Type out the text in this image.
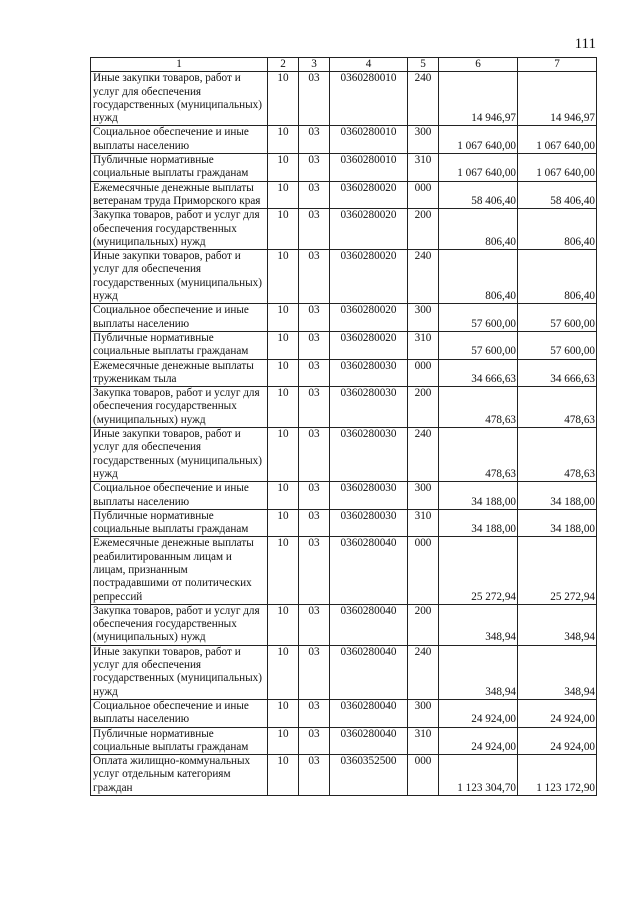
111
1	2	3	4	5	6	7
Иные закупки товаров, работ и услуг для обеспечения государственных (муниципальных) нужд	10	03	0360280010	240	14 946,97	14 946,97
Социальное обеспечение и иные выплаты населению	10	03	0360280010	300	1 067 640,00	1 067 640,00
Публичные нормативные социальные выплаты гражданам	10	03	0360280010	310	1 067 640,00	1 067 640,00
Ежемесячные денежные выплаты ветеранам труда Приморского края	10	03	0360280020	000	58 406,40	58 406,40
Закупка товаров, работ и услуг для обеспечения государственных (муниципальных) нужд	10	03	0360280020	200	806,40	806,40
Иные закупки товаров, работ и услуг для обеспечения государственных (муниципальных) нужд	10	03	0360280020	240	806,40	806,40
Социальное обеспечение и иные выплаты населению	10	03	0360280020	300	57 600,00	57 600,00
Публичные нормативные социальные выплаты гражданам	10	03	0360280020	310	57 600,00	57 600,00
Ежемесячные денежные выплаты труженикам тыла	10	03	0360280030	000	34 666,63	34 666,63
Закупка товаров, работ и услуг для обеспечения государственных (муниципальных) нужд	10	03	0360280030	200	478,63	478,63
Иные закупки товаров, работ и услуг для обеспечения государственных (муниципальных) нужд	10	03	0360280030	240	478,63	478,63
Социальное обеспечение и иные выплаты населению	10	03	0360280030	300	34 188,00	34 188,00
Публичные нормативные социальные выплаты гражданам	10	03	0360280030	310	34 188,00	34 188,00
Ежемесячные денежные выплаты реабилитированным лицам и лицам, признанным пострадавшими от политических репрессий	10	03	0360280040	000	25 272,94	25 272,94
Закупка товаров, работ и услуг для обеспечения государственных (муниципальных) нужд	10	03	0360280040	200	348,94	348,94
Иные закупки товаров, работ и услуг для обеспечения государственных (муниципальных) нужд	10	03	0360280040	240	348,94	348,94
Социальное обеспечение и иные выплаты населению	10	03	0360280040	300	24 924,00	24 924,00
Публичные нормативные социальные выплаты гражданам	10	03	0360280040	310	24 924,00	24 924,00
Оплата жилищно-коммунальных услуг отдельным категориям граждан	10	03	0360352500	000	1 123 304,70	1 123 172,90
